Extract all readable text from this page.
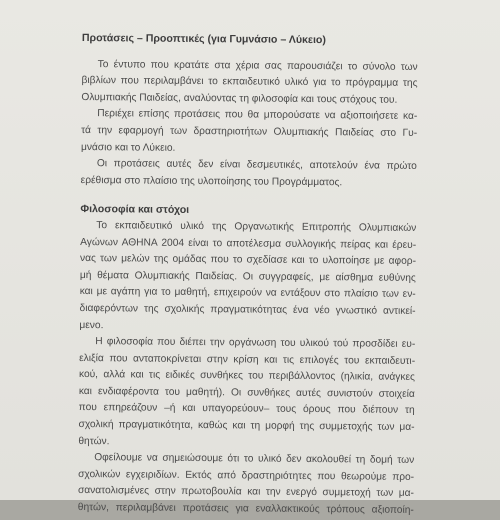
Προτάσεις – Προοπτικές (για Γυμνάσιο – Λύκειο)
Το έντυπο που κρατάτε στα χέρια σας παρουσιάζει το σύνολο των
βιβλίων που περιλαμβάνει το εκπαιδευτικό υλικό για το πρόγραμμα της
Ολυμπιακής Παιδείας, αναλύοντας τη φιλοσοφία και τους στόχους του.
Περιέχει επίσης προτάσεις που θα μπορούσατε να αξιοποιήσετε κα-
τά την εφαρμογή των δραστηριοτήτων Ολυμπιακής Παιδείας στο Γυ-
μνάσιο και το Λύκειο.
Οι προτάσεις αυτές δεν είναι δεσμευτικές, αποτελούν ένα πρώτο
ερέθισμα στο πλαίσιο της υλοποίησης του Προγράμματος.
Φιλοσοφία και στόχοι
Το εκπαιδευτικό υλικό της Οργανωτικής Επιτροπής Ολυμπιακών
Αγώνων ΑΘΗΝΑ 2004 είναι το αποτέλεσμα συλλογικής πείρας και έρευ-
νας των μελών της ομάδας που το σχεδίασε και το υλοποίησε με αφορ-
μή θέματα Ολυμπιακής Παιδείας. Οι συγγραφείς, με αίσθημα ευθύνης
και με αγάπη για το μαθητή, επιχειρούν να εντάξουν στο πλαίσιο των εν-
διαφερόντων της σχολικής πραγματικότητας ένα νέο γνωστικό αντικεί-
μενο.
Η φιλοσοφία που διέπει την οργάνωση του υλικού τού προσδίδει ευ-
ελιξία που ανταποκρίνεται στην κρίση και τις επιλογές του εκπαιδευτι-
κού, αλλά και τις ειδικές συνθήκες του περιβάλλοντος (ηλικία, ανάγκες
και ενδιαφέροντα του μαθητή). Οι συνθήκες αυτές συνιστούν στοιχεία
που επηρεάζουν –ή και υπαγορεύουν– τους όρους που διέπουν τη
σχολική πραγματικότητα, καθώς και τη μορφή της συμμετοχής των μα-
θητών.
Οφείλουμε να σημειώσουμε ότι το υλικό δεν ακολουθεί τη δομή των
σχολικών εγχειριδίων. Εκτός από δραστηριότητες που θεωρούμε προ-
σανατολισμένες στην πρωτοβουλία και την ενεργό συμμετοχή των μα-
θητών, περιλαμβάνει προτάσεις για εναλλακτικούς τρόπους αξιοποίη-
